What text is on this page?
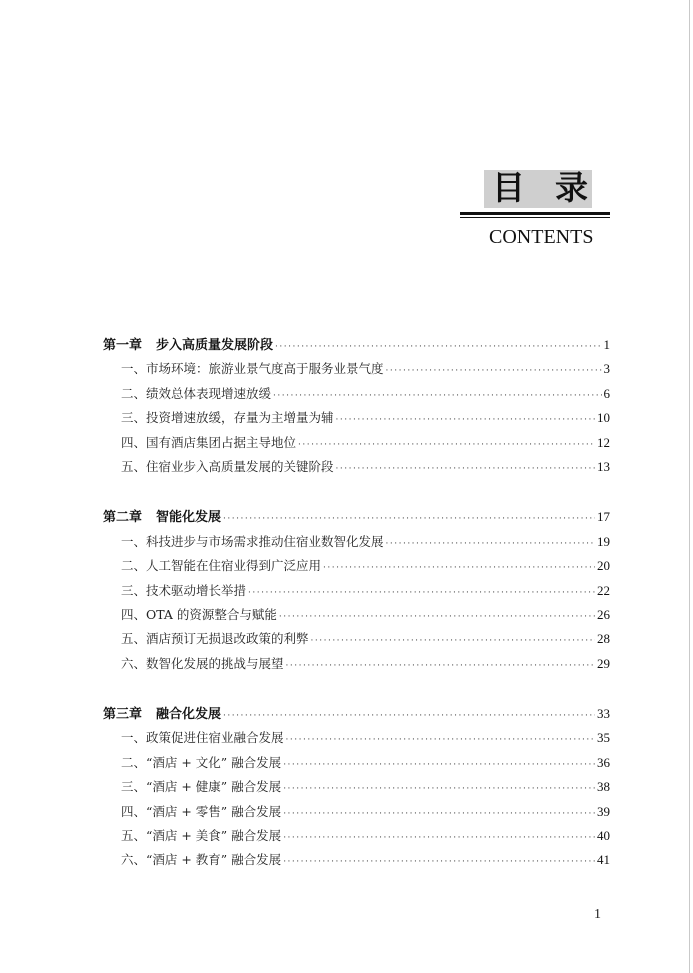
目 录
CONTENTS
第一章 步入高质量发展阶段 ·····	1
一、市场环境：旅游业景气度高于服务业景气度 ·····	3
二、绩效总体表现增速放缓 ·····	6
三、投资增速放缓，存量为主增量为辅 ·····	10
四、国有酒店集团占据主导地位 ·····	12
五、住宿业步入高质量发展的关键阶段 ·····	13
第二章 智能化发展 ·····	17
一、科技进步与市场需求推动住宿业数智化发展 ·····	19
二、人工智能在住宿业得到广泛应用 ·····	20
三、技术驱动增长举措 ·····	22
四、OTA 的资源整合与赋能 ·····	26
五、酒店预订无损退改政策的利弊 ·····	28
六、数智化发展的挑战与展望 ·····	29
第三章 融合化发展 ·····	33
一、政策促进住宿业融合发展 ·····	35
二、“酒店 + 文化” 融合发展 ·····	36
三、“酒店 + 健康” 融合发展 ·····	38
四、“酒店 + 零售” 融合发展 ·····	39
五、“酒店 + 美食” 融合发展 ·····	40
六、“酒店 + 教育” 融合发展 ·····	41
1
